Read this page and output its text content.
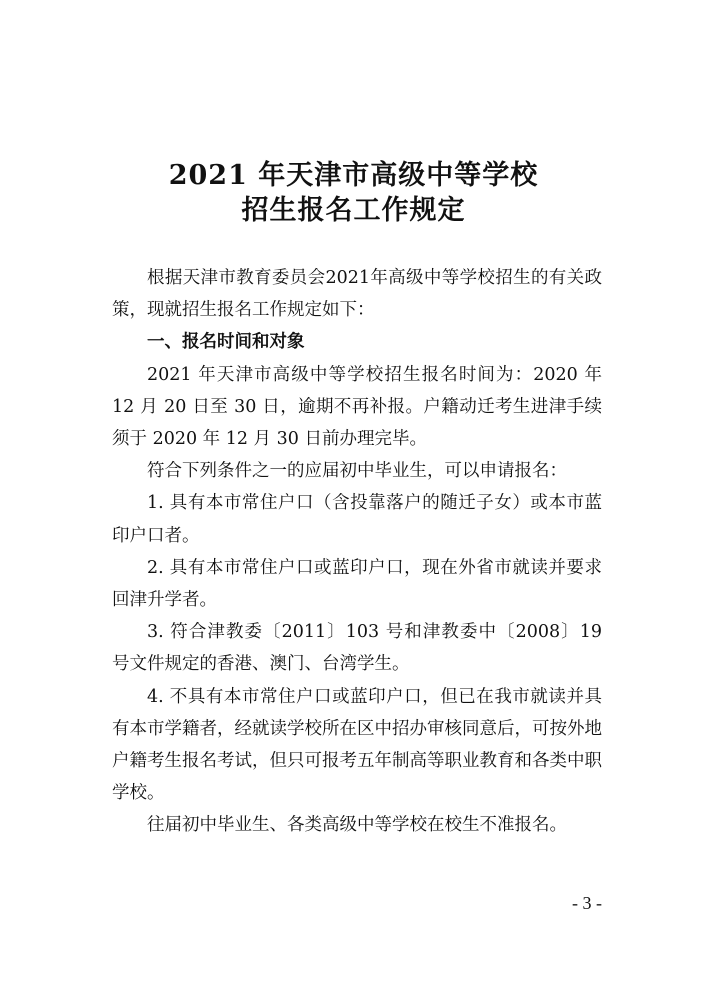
2021 年天津市高级中等学校
招生报名工作规定

根据天津市教育委员会2021年高级中等学校招生的有关政策，现就招生报名工作规定如下：

一、报名时间和对象

2021 年天津市高级中等学校招生报名时间为：2020 年 12 月 20 日至 30 日，逾期不再补报。户籍动迁考生进津手续须于 2020 年 12 月 30 日前办理完毕。

符合下列条件之一的应届初中毕业生，可以申请报名：

1. 具有本市常住户口（含投靠落户的随迁子女）或本市蓝印户口者。

2. 具有本市常住户口或蓝印户口，现在外省市就读并要求回津升学者。

3. 符合津教委〔2011〕103 号和津教委中〔2008〕19 号文件规定的香港、澳门、台湾学生。

4. 不具有本市常住户口或蓝印户口，但已在我市就读并具有本市学籍者，经就读学校所在区中招办审核同意后，可按外地户籍考生报名考试，但只可报考五年制高等职业教育和各类中职学校。

往届初中毕业生、各类高级中等学校在校生不准报名。

- 3 -
